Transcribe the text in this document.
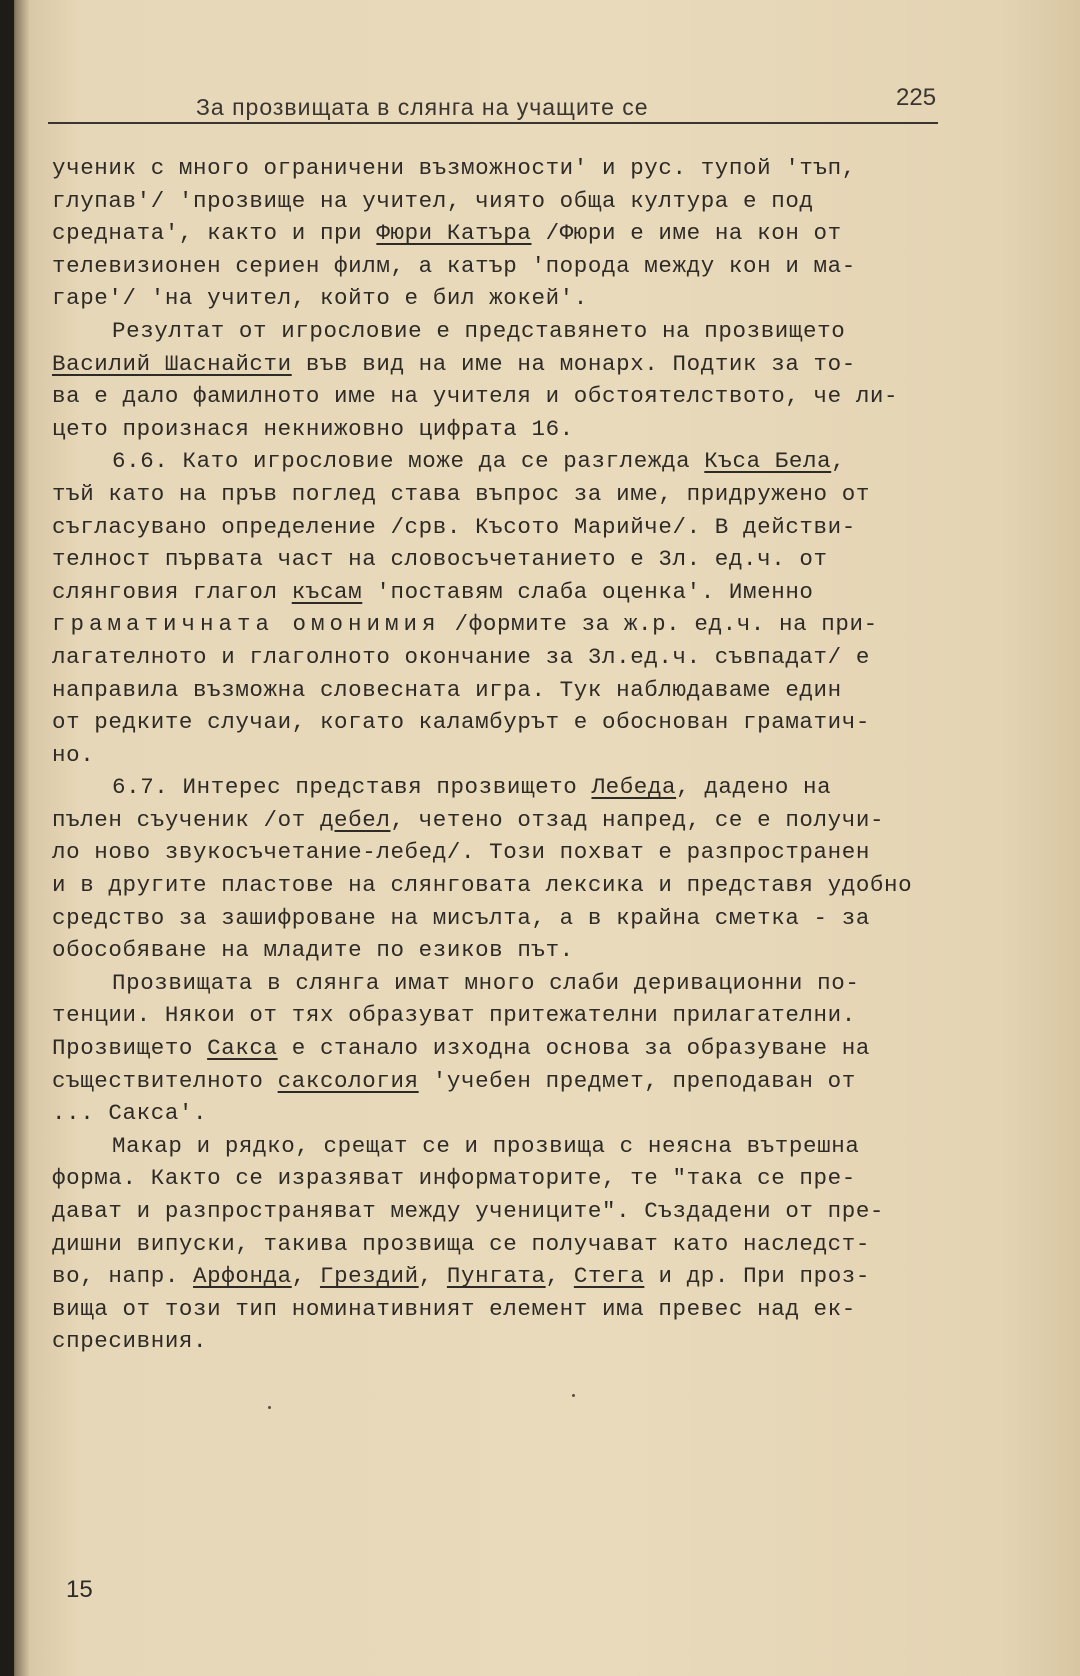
За прозвищата в слянга на учащите се	225
ученик с много ограничени възможности' и рус. тупой 'тъп,
глупав'/ 'прозвище на учител, чиято обща култура е под
средната', както и при Фюри Катъра /Фюри е име на кон от
телевизионен сериен филм, а катър 'порода между кон и ма-
гаре'/ 'на учител, който е бил жокей'.
Резултат от игрословие е представянето на прозвището
Василий Шаснайсти във вид на име на монарх. Подтик за то-
ва е дало фамилното име на учителя и обстоятелството, че ли-
цето произнася некнижовно цифрата 16.
6.6. Като игрословие може да се разглежда Къса Бела,
тъй като на пръв поглед става въпрос за име, придружено от
съгласувано определение /срв. Късото Марийче/. В действи-
телност първата част на словосъчетанието е 3л. ед.ч. от
слянговия глагол късам 'поставям слаба оценка'. Именно
граматичната омонимия /формите за ж.р. ед.ч. на при-
лагателното и глаголното окончание за 3л.ед.ч. съвпадат/ е
направила възможна словесната игра. Тук наблюдаваме един
от редките случаи, когато каламбурът е обоснован граматич-
но.
6.7. Интерес представя прозвището Лебеда, дадено на
пълен съученик /от дебел, четено отзад напред, се е получи-
ло ново звукосъчетание-лебед/. Този похват е разпространен
и в другите пластове на слянговата лексика и представя удобно
средство за зашифроване на мисълта, а в крайна сметка - за
обособяване на младите по езиков път.
Прозвищата в слянга имат много слаби деривационни по-
тенции. Някои от тях образуват притежателни прилагателни.
Прозвището Сакса е станало изходна основа за образуване на
съществителното саксология 'учебен предмет, преподаван от
... Сакса'.
Макар и рядко, срещат се и прозвища с неясна вътрешна
форма. Както се изразяват информаторите, те "така се пре-
дават и разпространяват между учениците". Създадени от пре-
дишни випуски, такива прозвища се получават като наследст-
во, напр. Арфонда, Грездий, Пунгата, Стега и др. При проз-
вища от този тип номинативният елемент има превес над ек-
спресивния.
15
